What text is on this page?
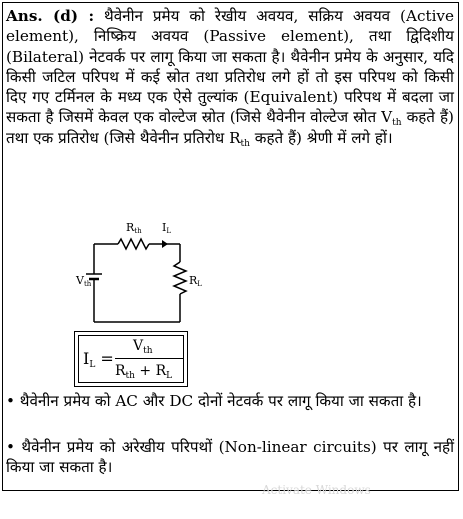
Ans. (d) : थैवेनीन प्रमेय को रेखीय अवयव, सक्रिय अवयव (Active element), निष्क्रिय अवयव (Passive element), तथा द्विदिशीय (Bilateral) नेटवर्क पर लागू किया जा सकता है। थैवेनीन प्रमेय के अनुसार, यदि किसी जटिल परिपथ में कई स्रोत तथा प्रतिरोध लगे हों तो इस परिपथ को किसी दिए गए टर्मिनल के मध्य एक ऐसे तुल्यांक (Equivalent) परिपथ में बदला जा सकता है जिसमें केवल एक वोल्टेज स्रोत (जिसे थैवेनीन वोल्टेज स्रोत $V_{th}$ कहते हैं) तथा एक प्रतिरोध (जिसे थैवेनीन प्रतिरोध $R_{th}$ कहते हैं) श्रेणी में लगे हों।

Rth IL
Vth	RL
$I_L$ =
$V_{th}$
$R_{th} + R_L$

• थैवेनीन प्रमेय को AC और DC दोनों नेटवर्क पर लागू किया जा सकता है।

• थैवेनीन प्रमेय को अरेखीय परिपथों (Non-linear circuits) पर लागू नहीं किया जा सकता है।

Activate Windows
